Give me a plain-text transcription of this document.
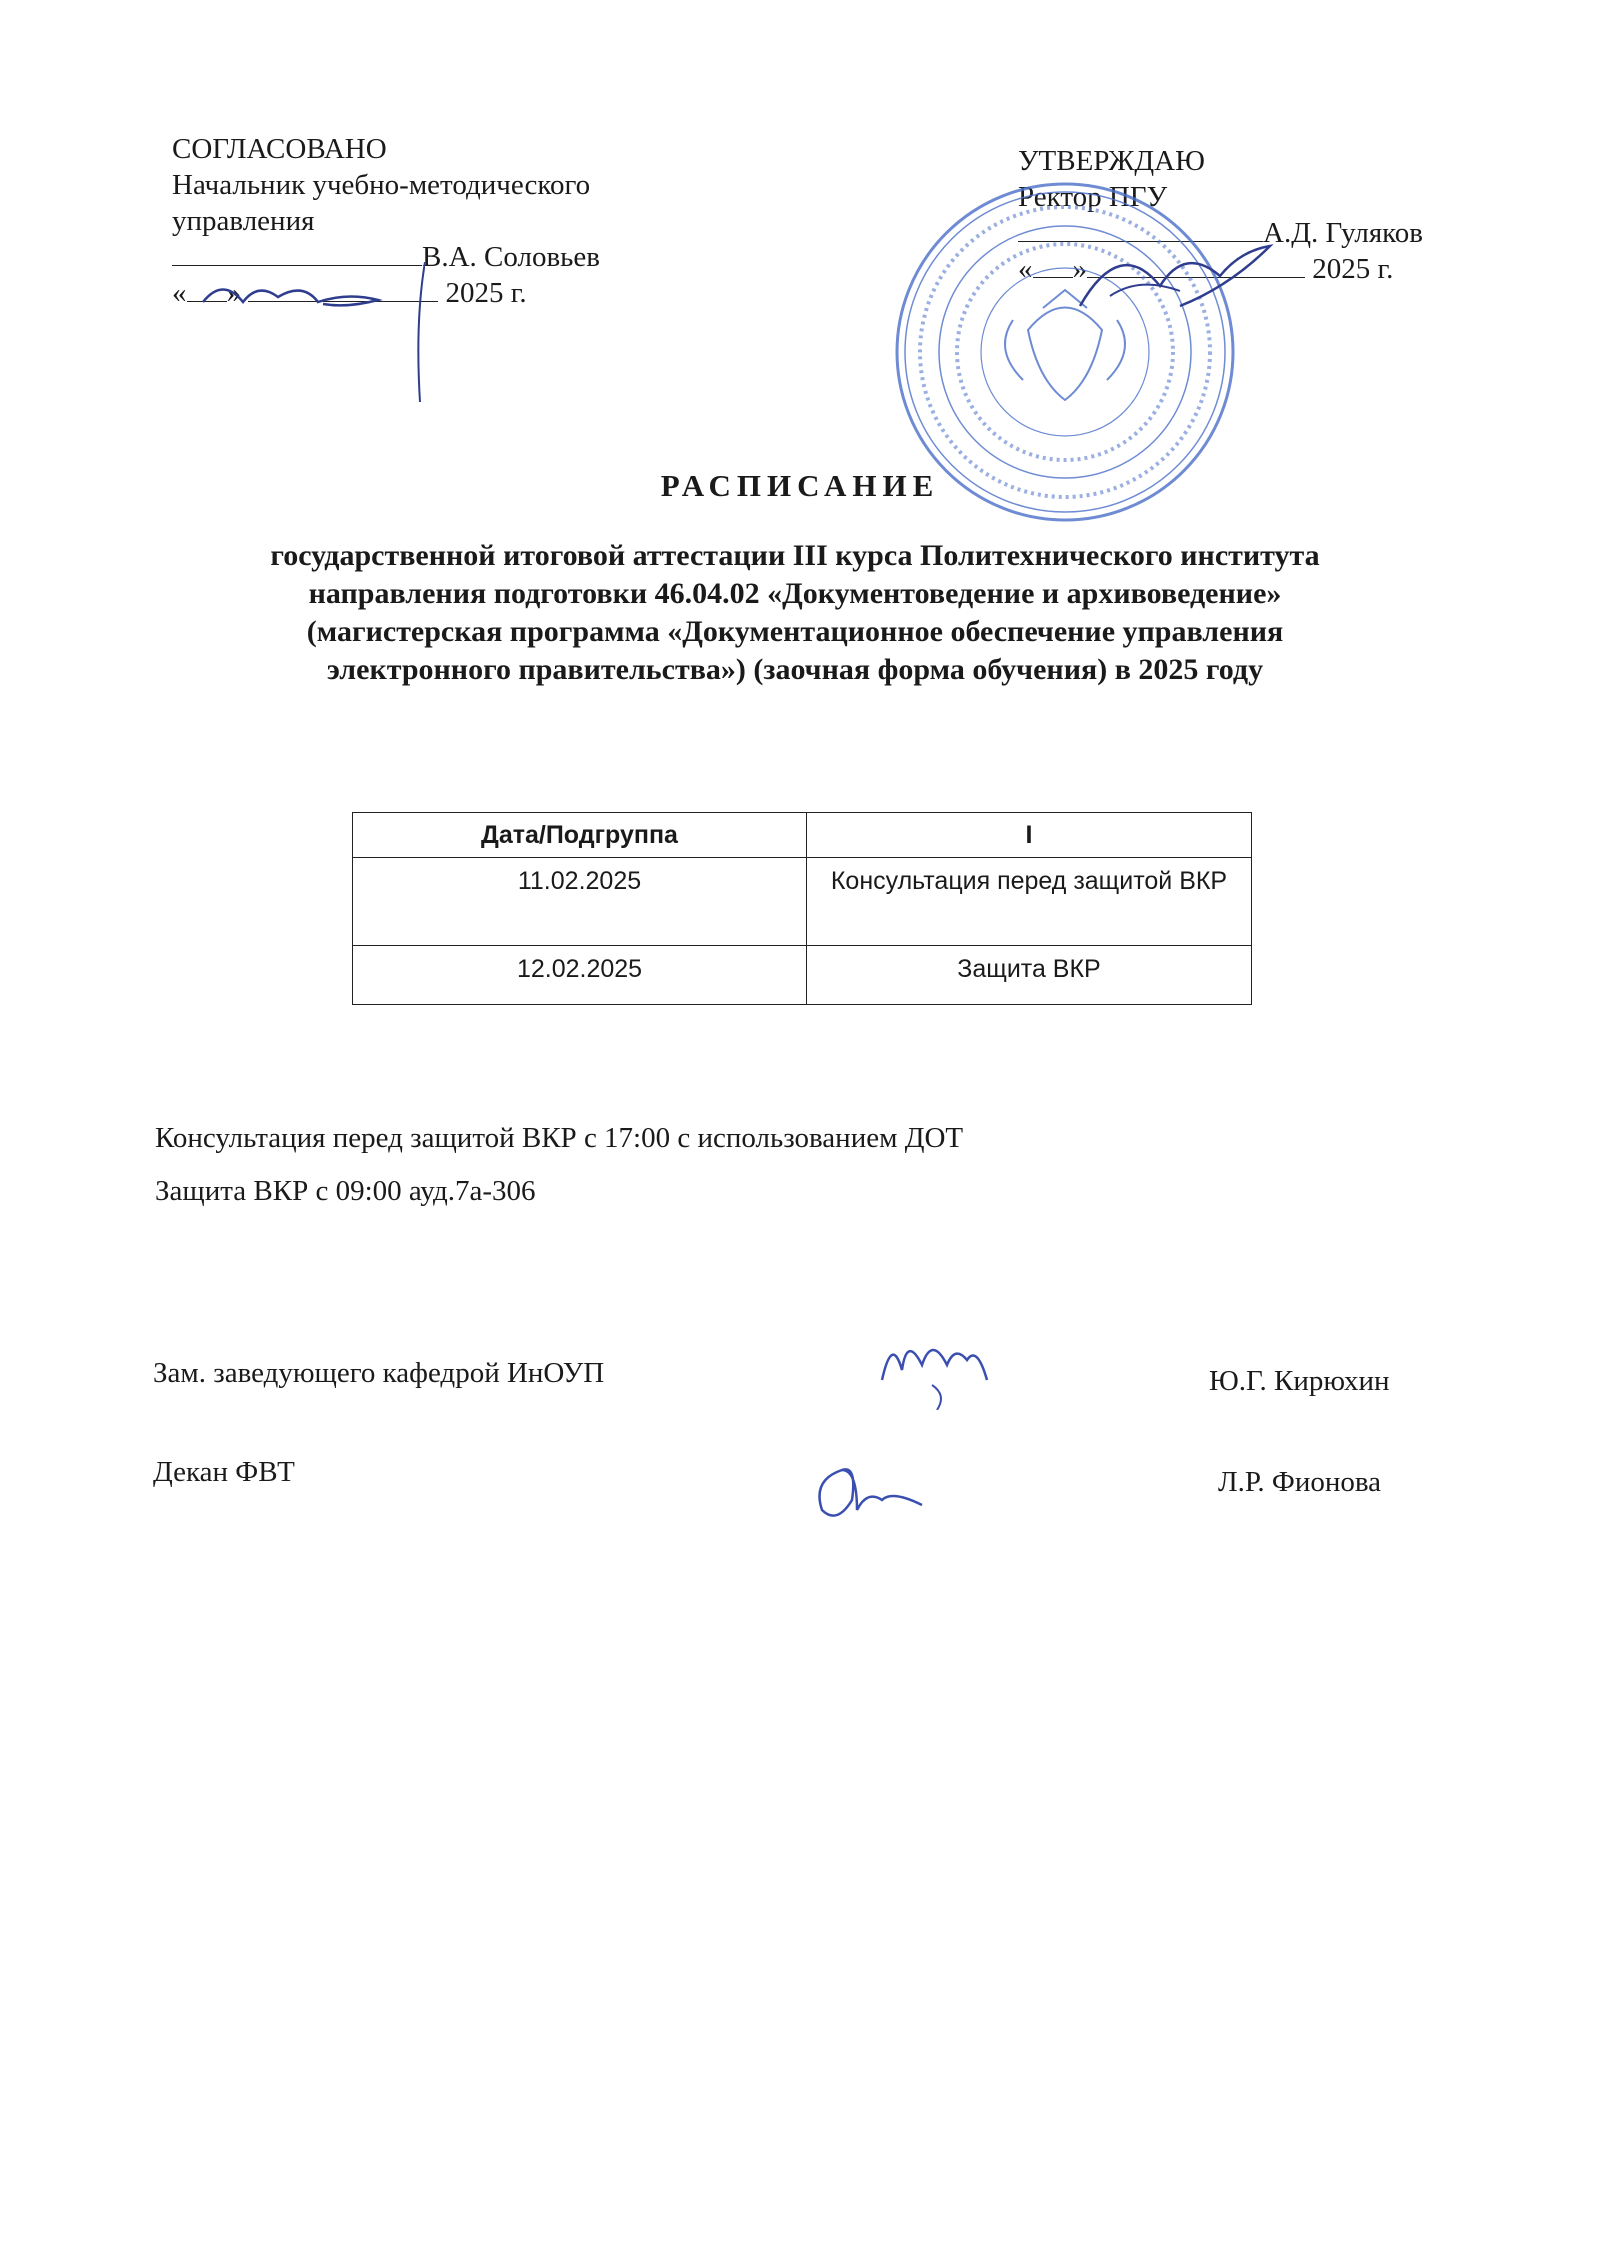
СОГЛАСОВАНО
Начальник учебно-методического
управления
В.А. Соловьев
« »	2025 г.
УТВЕРЖДАЮ
Ректор ПГУ
А.Д. Гуляков
« »	2025 г.
РАСПИСАНИЕ
государственной итоговой аттестации III курса Политехнического института
направления подготовки 46.04.02 «Документоведение и архивоведение»
(магистерская программа «Документационное обеспечение управления
электронного правительства») (заочная форма обучения) в 2025 году
Дата/Подгруппа	I
11.02.2025	Консультация перед защитой ВКР
12.02.2025	Защита ВКР
Консультация перед защитой ВКР с 17:00 с использованием ДОТ
Защита ВКР с 09:00 ауд.7а-306
Зам. заведующего кафедрой ИнОУП	Ю.Г. Кирюхин
Декан ФВТ	Л.Р. Фионова
